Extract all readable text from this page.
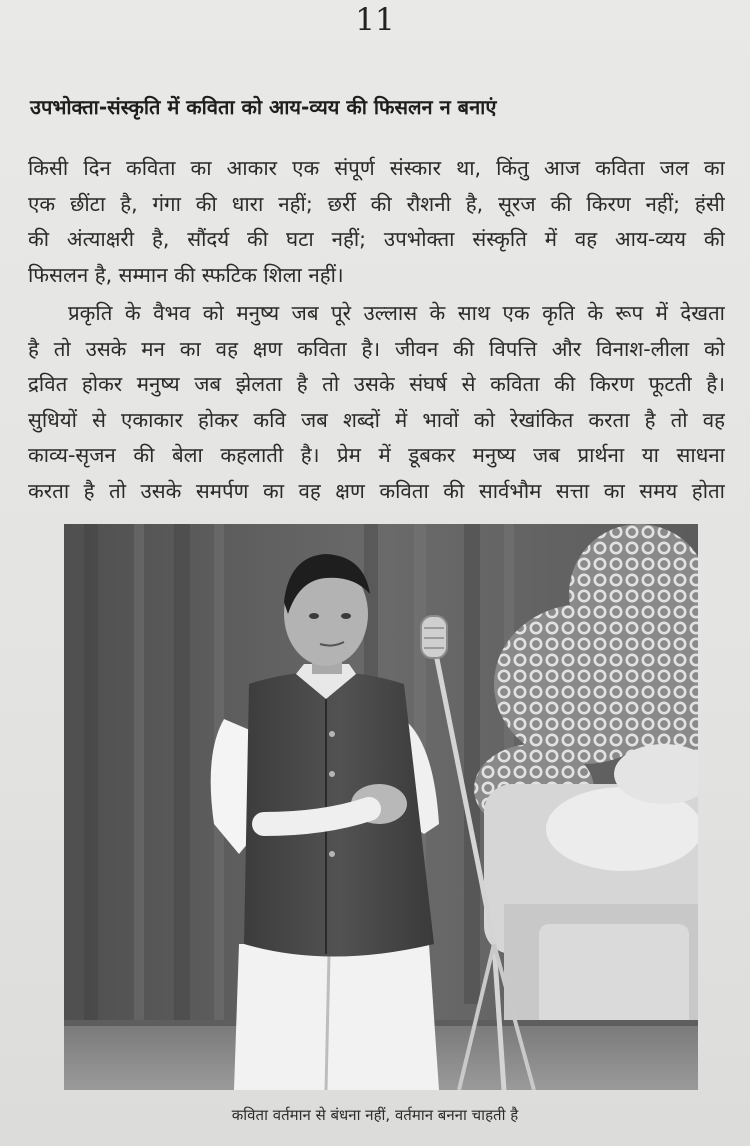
11
उपभोक्ता-संस्कृति में कविता को आय-व्यय की फिसलन न बनाएं
किसी दिन कविता का आकार एक संपूर्ण संस्कार था, किंतु आज कविता जल का
एक छींटा है, गंगा की धारा नहीं; छर्री की रौशनी है, सूरज की किरण नहीं; हंसी
की अंत्याक्षरी है, सौंदर्य की घटा नहीं; उपभोक्ता संस्कृति में वह आय-व्यय की
फिसलन है, सम्मान की स्फटिक शिला नहीं।
प्रकृति के वैभव को मनुष्य जब पूरे उल्लास के साथ एक कृति के रूप में देखता
है तो उसके मन का वह क्षण कविता है। जीवन की विपत्ति और विनाश-लीला को
द्रवित होकर मनुष्य जब झेलता है तो उसके संघर्ष से कविता की किरण फूटती है।
सुधियों से एकाकार होकर कवि जब शब्दों में भावों को रेखांकित करता है तो वह
काव्य-सृजन की बेला कहलाती है। प्रेम में डूबकर मनुष्य जब प्रार्थना या साधना
करता है तो उसके समर्पण का वह क्षण कविता की सार्वभौम सत्ता का समय होता
कविता वर्तमान से बंधना नहीं, वर्तमान बनना चाहती है
